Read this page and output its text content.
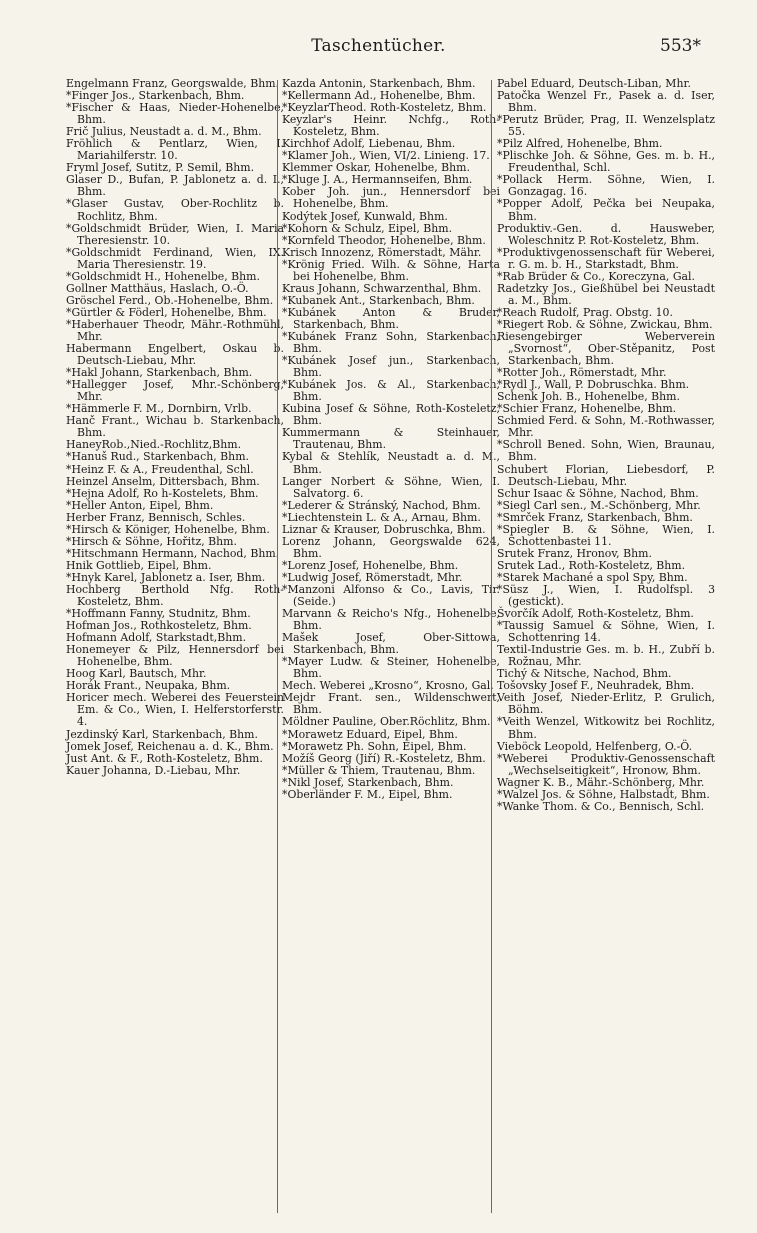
Taschentücher.	553*

Engelmann Franz, Georgswalde, Bhm.

*Finger Jos., Starkenbach, Bhm.

*Fischer & Haas, Nieder-Hohenelbe, Bhm.

Frič Julius, Neustadt a. d. M., Bhm.

Fröhlich & Pentlarz, Wien, I. Mariahilferstr. 10.

Fryml Josef, Sutitz, P. Semil, Bhm.

Glaser D., Bufan, P. Jablonetz a. d. I., Bhm.

*Glaser Gustav, Ober-Rochlitz b. Rochlitz, Bhm.

*Goldschmidt Brüder, Wien, I. Maria Theresienstr. 10.

*Goldschmidt Ferdinand, Wien, IX. Maria Theresienstr. 19.

*Goldschmidt H., Hohenelbe, Bhm.

Gollner Matthäus, Haslach, O.-Ö.

Gröschel Ferd., Ob.-Hohenelbe, Bhm.

*Gürtler & Föderl, Hohenelbe, Bhm.

*Haberhauer Theodr, Mähr.-Rothmühl, Mhr.

Habermann Engelbert, Oskau b. Deutsch-Liebau, Mhr.

*Hakl Johann, Starkenbach, Bhm.

*Hallegger Josef, Mhr.-Schönberg, Mhr.

*Hämmerle F. M., Dornbirn, Vrlb.

Hanč Frant., Wichau b. Starkenbach, Bhm.

HaneyRob.,Nied.-Rochlitz,Bhm.

*Hanuš Rud., Starkenbach, Bhm.

*Heinz F. & A., Freudenthal, Schl.

Heinzel Anselm, Dittersbach, Bhm.

*Hejna Adolf, Ro h-Kostelets, Bhm.

*Heller Anton, Eipel, Bhm.

Herber Franz, Bennisch, Schles.

*Hirsch & Königer, Hohenelbe, Bhm.

*Hirsch & Söhne, Hořitz, Bhm.

*Hitschmann Hermann, Nachod, Bhm.

Hnik Gottlieb, Eipel, Bhm.

*Hnyk Karel, Jablonetz a. Iser, Bhm.

Hochberg Berthold Nfg. Roth-Kosteletz, Bhm.

*Hoffmann Fanny, Studnitz, Bhm.

Hofman Jos., Rothkosteletz, Bhm.

Hofmann Adolf, Starkstadt,Bhm.

Honemeyer & Pilz, Hennersdorf bei Hohenelbe, Bhm.

Hoog Karl, Bautsch, Mhr.

Horák Frant., Neupaka, Bhm.

Horicer mech. Weberei des Feuerstein Em. & Co., Wien, I. Helferstorferstr. 4.

Jezdinský Karl, Starkenbach, Bhm.

Jomek Josef, Reichenau a. d. K., Bhm.

Just Ant. & F., Roth-Kosteletz, Bhm.

Kauer Johanna, D.-Liebau, Mhr.

Kazda Antonin, Starkenbach, Bhm.

*Kellermann Ad., Hohenelbe, Bhm.

*KeyzlarTheod. Roth-Kosteletz, Bhm.

Keyzlar's Heinr. Nchfg., Roth-Kosteletz, Bhm.

Kirchhof Adolf, Liebenau, Bhm.

*Klamer Joh., Wien, VI/2. Linieng. 17.

Klemmer Oskar, Hohenelbe, Bhm.

*Kluge J. A., Hermannseifen, Bhm.

Kober Joh. jun., Hennersdorf bei Hohenelbe, Bhm.

Kodýtek Josef, Kunwald, Bhm.

*Kohorn & Schulz, Eipel, Bhm.

*Kornfeld Theodor, Hohenelbe, Bhm.

Krisch Innozenz, Römerstadt, Mähr.

*Krönig Fried. Wilh. & Söhne, Harta bei Hohenelbe, Bhm.

Kraus Johann, Schwarzenthal, Bhm.

*Kubanek Ant., Starkenbach, Bhm.

*Kubánek Anton & Bruder, Starkenbach, Bhm.

*Kubánek Franz Sohn, Starkenbach, Bhm.

*Kubánek Josef jun., Starkenbach, Bhm.

*Kubánek Jos. & Al., Starkenbach, Bhm.

Kubina Josef & Söhne, Roth-Kosteletz, Bhm.

Kummermann & Steinhauer, Trautenau, Bhm.

Kybal & Stehlík, Neustadt a. d. M., Bhm.

Langer Norbert & Söhne, Wien, I. Salvatorg. 6.

*Lederer & Stránský, Nachod, Bhm.

*Liechtenstein L. & A., Arnau, Bhm.

Liznar & Krauser, Dobruschka, Bhm.

Lorenz Johann, Georgswalde 624, Bhm.

*Lorenz Josef, Hohenelbe, Bhm.

*Ludwig Josef, Römerstadt, Mhr.

*Manzoni Alfonso & Co., Lavis, Tir. (Seide.)

Marvann & Reicho's Nfg., Hohenelbe, Bhm.

Mašek Josef, Ober-Sittowa, Starkenbach, Bhm.

*Mayer Ludw. & Steiner, Hohenelbe, Bhm.

Mech. Weberei „Krosno“, Krosno, Gal.

Mejdr Frant. sen., Wildenschwert, Bhm.

Möldner Pauline, Ober.Röchlitz, Bhm.

*Morawetz Eduard, Eipel, Bhm.

*Morawetz Ph. Sohn, Eipel, Bhm.

Možíš Georg (Jiří) R.-Kosteletz, Bhm.

*Müller & Thiem, Trautenau, Bhm.

*Nikl Josef, Starkenbach, Bhm.

*Oberländer F. M., Eipel, Bhm.

Pabel Eduard, Deutsch-Liban, Mhr.

Patočka Wenzel Fr., Pasek a. d. Iser, Bhm.

*Perutz Brüder, Prag, II. Wenzelsplatz 55.

*Pilz Alfred, Hohenelbe, Bhm.

*Plischke Joh. & Söhne, Ges. m. b. H., Freudenthal, Schl.

*Pollack Herm. Söhne, Wien, I. Gonzagag. 16.

*Popper Adolf, Pečka bei Neupaka, Bhm.

Produktiv.-Gen. d. Hausweber, Woleschnitz P. Rot-Kosteletz, Bhm.

*Produktivgenossenschaft für Weberei, r. G. m. b. H., Starkstadt, Bhm.

*Rab Brüder & Co., Koreczyna, Gal.

Radetzky Jos., Gießhübel bei Neustadt a. M., Bhm.

*Reach Rudolf, Prag. Obstg. 10.

*Riegert Rob. & Söhne, Zwickau, Bhm.

Riesengebirger Weberverein „Svornost“, Ober-Stěpanitz, Post Starkenbach, Bhm.

*Rotter Joh., Römerstadt, Mhr.

*Rydl J., Wall, P. Dobruschka. Bhm.

Schenk Joh. B., Hohenelbe, Bhm.

*Schier Franz, Hohenelbe, Bhm.

Schmied Ferd. & Sohn, M.-Rothwasser, Mhr.

*Schroll Bened. Sohn, Wien, Braunau, Bhm.

Schubert Florian, Liebesdorf, P. Deutsch-Liebau, Mhr.

Schur Isaac & Söhne, Nachod, Bhm.

*Siegl Carl sen., M.-Schönberg, Mhr.

*Smrček Franz, Starkenbach, Bhm.

*Spiegler B. & Söhne, Wien, I. Schottenbastei 11.

Srutek Franz, Hronov, Bhm.

Srutek Lad., Roth-Kosteletz, Bhm.

*Starek Machané a spol Spy, Bhm.

*Süsz J., Wien, I. Rudolfspl. 3 (gestickt).

Švorčík Adolf, Roth-Kosteletz, Bhm.

*Taussig Samuel & Söhne, Wien, I. Schottenring 14.

Textil-Industrie Ges. m. b. H., Zubří b. Rožnau, Mhr.

Tichý & Nitsche, Nachod, Bhm.

Tošovsky Josef F., Neuhradek, Bhm.

Veith Josef, Nieder-Erlitz, P. Grulich, Böhm.

*Veith Wenzel, Witkowitz bei Rochlitz, Bhm.

Vieböck Leopold, Helfenberg, O.-Ö.

*Weberei Produktiv-Genossenschaft „Wechselseitigkeit“, Hronow, Bhm.

Wagner K. B., Mähr.-Schönberg, Mhr.

*Walzel Jos. & Söhne, Halbstadt, Bhm.

*Wanke Thom. & Co., Bennisch, Schl.
